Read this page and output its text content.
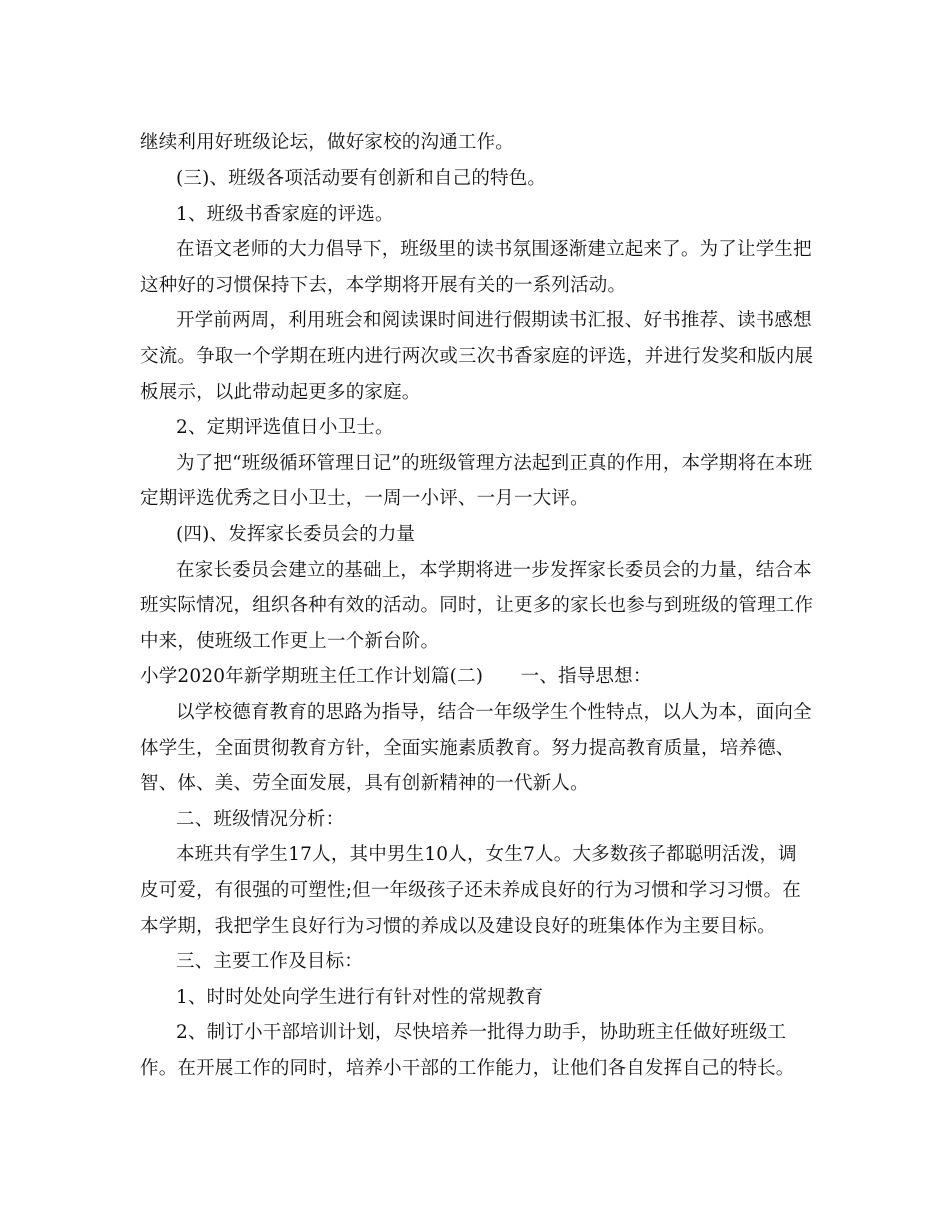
继续利用好班级论坛，做好家校的沟通工作。

(三)、班级各项活动要有创新和自己的特色。

1、班级书香家庭的评选。

在语文老师的大力倡导下，班级里的读书氛围逐渐建立起来了。为了让学生把

这种好的习惯保持下去，本学期将开展有关的一系列活动。

开学前两周，利用班会和阅读课时间进行假期读书汇报、好书推荐、读书感想

交流。争取一个学期在班内进行两次或三次书香家庭的评选，并进行发奖和版内展

板展示，以此带动起更多的家庭。

2、定期评选值日小卫士。

为了把“班级循环管理日记”的班级管理方法起到正真的作用，本学期将在本班

定期评选优秀之日小卫士，一周一小评、一月一大评。

(四)、发挥家长委员会的力量

在家长委员会建立的基础上，本学期将进一步发挥家长委员会的力量，结合本

班实际情况，组织各种有效的活动。同时，让更多的家长也参与到班级的管理工作

中来，使班级工作更上一个新台阶。

小学2020年新学期班主任工作计划篇(二)　　一、指导思想：

以学校德育教育的思路为指导，结合一年级学生个性特点，以人为本，面向全

体学生，全面贯彻教育方针，全面实施素质教育。努力提高教育质量，培养德、

智、体、美、劳全面发展，具有创新精神的一代新人。

二、班级情况分析：

本班共有学生17人，其中男生10人，女生7人。大多数孩子都聪明活泼，调

皮可爱，有很强的可塑性;但一年级孩子还未养成良好的行为习惯和学习习惯。在

本学期，我把学生良好行为习惯的养成以及建设良好的班集体作为主要目标。

三、主要工作及目标：

1、时时处处向学生进行有针对性的常规教育

2、制订小干部培训计划，尽快培养一批得力助手，协助班主任做好班级工

作。在开展工作的同时，培养小干部的工作能力，让他们各自发挥自己的特长。
